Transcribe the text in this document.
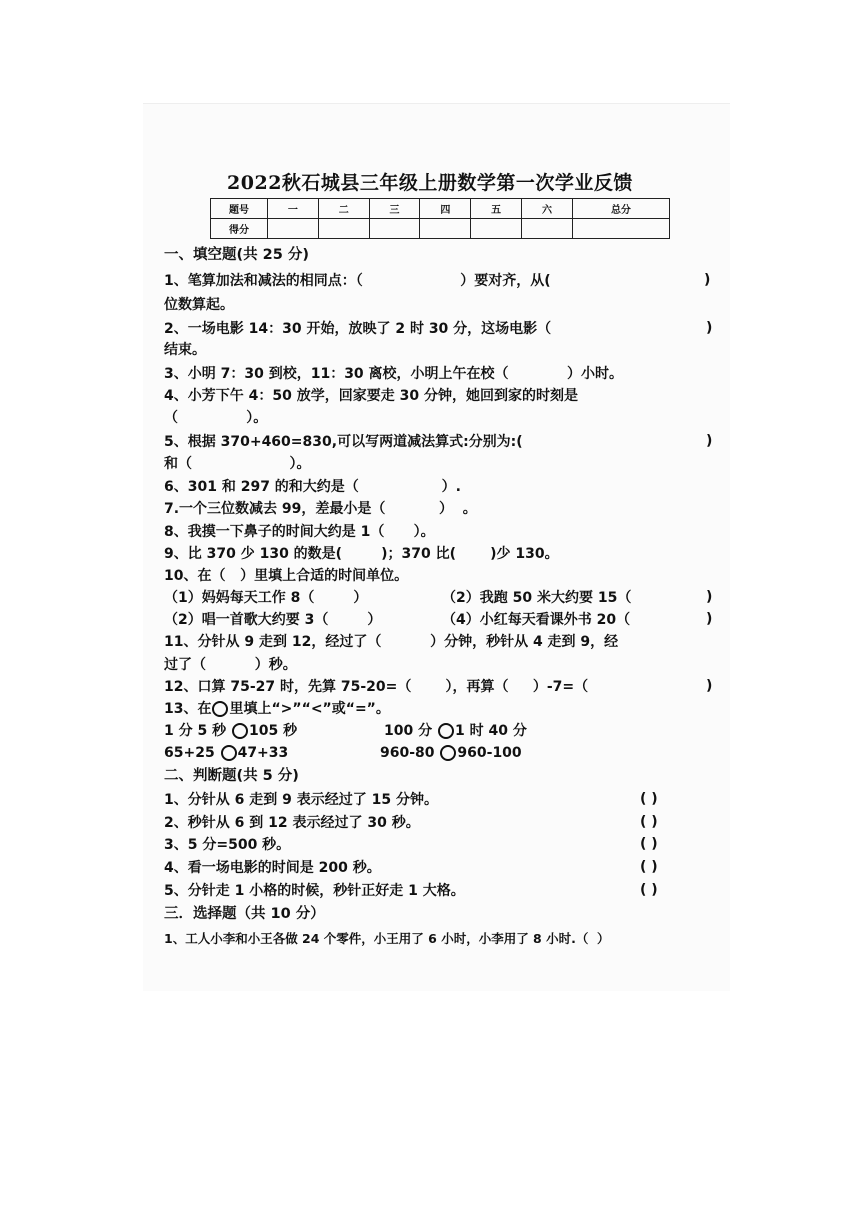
2022秋石城县三年级上册数学第一次学业反馈
题号	一	二	三	四	五	六	总分
得分							
一、填空题(共 25 分)
1、笔算加法和减法的相同点：（                    ）要对齐，从(	)
位数算起。
2、一场电影 14：30 开始，放映了 2 时 30 分，这场电影（	)
结束。
3、小明 7：30 到校，11：30 离校，小明上午在校（            ）小时。
4、小芳下午 4：50 放学，回家要走 30 分钟，她回到家的时刻是
（              ）。
5、根据 370+460=830,可以写两道减法算式:分别为:(	)
和（                    ）。
6、301 和 297 的和大约是（                 ）.
7.一个三位数减去 99，差最小是（           ）  。
8、我摸一下鼻子的时间大约是 1（      ）。
9、比 370 少 130 的数是(        )；370 比(       )少 130。
10、在（   ）里填上合适的时间单位。
（1）妈妈每天工作 8（        ）	（2）我跑 50 米大约要 15（	)
（2）唱一首歌大约要 3（        ）	（4）小红每天看课外书 20（	)
11、分针从 9 走到 12，经过了（          ）分钟，秒针从 4 走到 9，经
过了（          ）秒。
12、口算 75-27 时，先算 75-20=（       ），再算（     ）-7=（	)
13、在 里填上“>”“<”或“=”。
1 分 5 秒 105 秒	100 分 1 时 40 分
65+25 47+33	960-80 960-100
二、判断题(共 5 分)
1、分针从 6 走到 9 表示经过了 15 分钟。	( )
2、秒针从 6 到 12 表示经过了 30 秒。	( )
3、5 分=500 秒。	( )
4、看一场电影的时间是 200 秒。	( )
5、分针走 1 小格的时候，秒针正好走 1 大格。	( )
三．选择题（共 10 分）
1、工人小李和小王各做 24 个零件，小王用了 6 小时，小李用了 8 小时.（  ）
